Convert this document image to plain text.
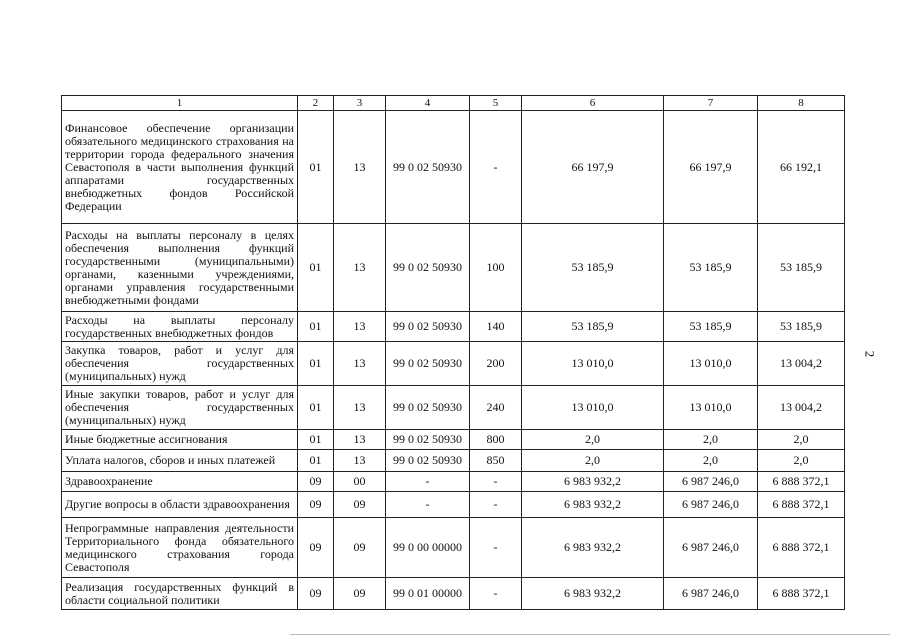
2
1	2	3	4	5	6	7	8
Финансовое обеспечение организации обязательного медицинского страхования на территории города федерального значения Севастополя в части выполнения функций аппаратами государственных внебюджетных фондов Российской Федерации	01	13	99 0 02 50930	-	66 197,9	66 197,9	66 192,1
Расходы на выплаты персоналу в целях обеспечения выполнения функций государственными (муниципальными) органами, казенными учреждениями, органами управления государственными внебюджетными фондами	01	13	99 0 02 50930	100	53 185,9	53 185,9	53 185,9
Расходы на выплаты персоналу государственных внебюджетных фондов	01	13	99 0 02 50930	140	53 185,9	53 185,9	53 185,9
Закупка товаров, работ и услуг для обеспечения государственных (муниципальных) нужд	01	13	99 0 02 50930	200	13 010,0	13 010,0	13 004,2
Иные закупки товаров, работ и услуг для обеспечения государственных (муниципальных) нужд	01	13	99 0 02 50930	240	13 010,0	13 010,0	13 004,2
Иные бюджетные ассигнования	01	13	99 0 02 50930	800	2,0	2,0	2,0
Уплата налогов, сборов и иных платежей	01	13	99 0 02 50930	850	2,0	2,0	2,0
Здравоохранение	09	00	-	-	6 983 932,2	6 987 246,0	6 888 372,1
Другие вопросы в области здравоохранения	09	09	-	-	6 983 932,2	6 987 246,0	6 888 372,1
Непрограммные направления деятельности Территориального фонда обязательного медицинского страхования города Севастополя	09	09	99 0 00 00000	-	6 983 932,2	6 987 246,0	6 888 372,1
Реализация государственных функций в области социальной политики	09	09	99 0 01 00000	-	6 983 932,2	6 987 246,0	6 888 372,1
